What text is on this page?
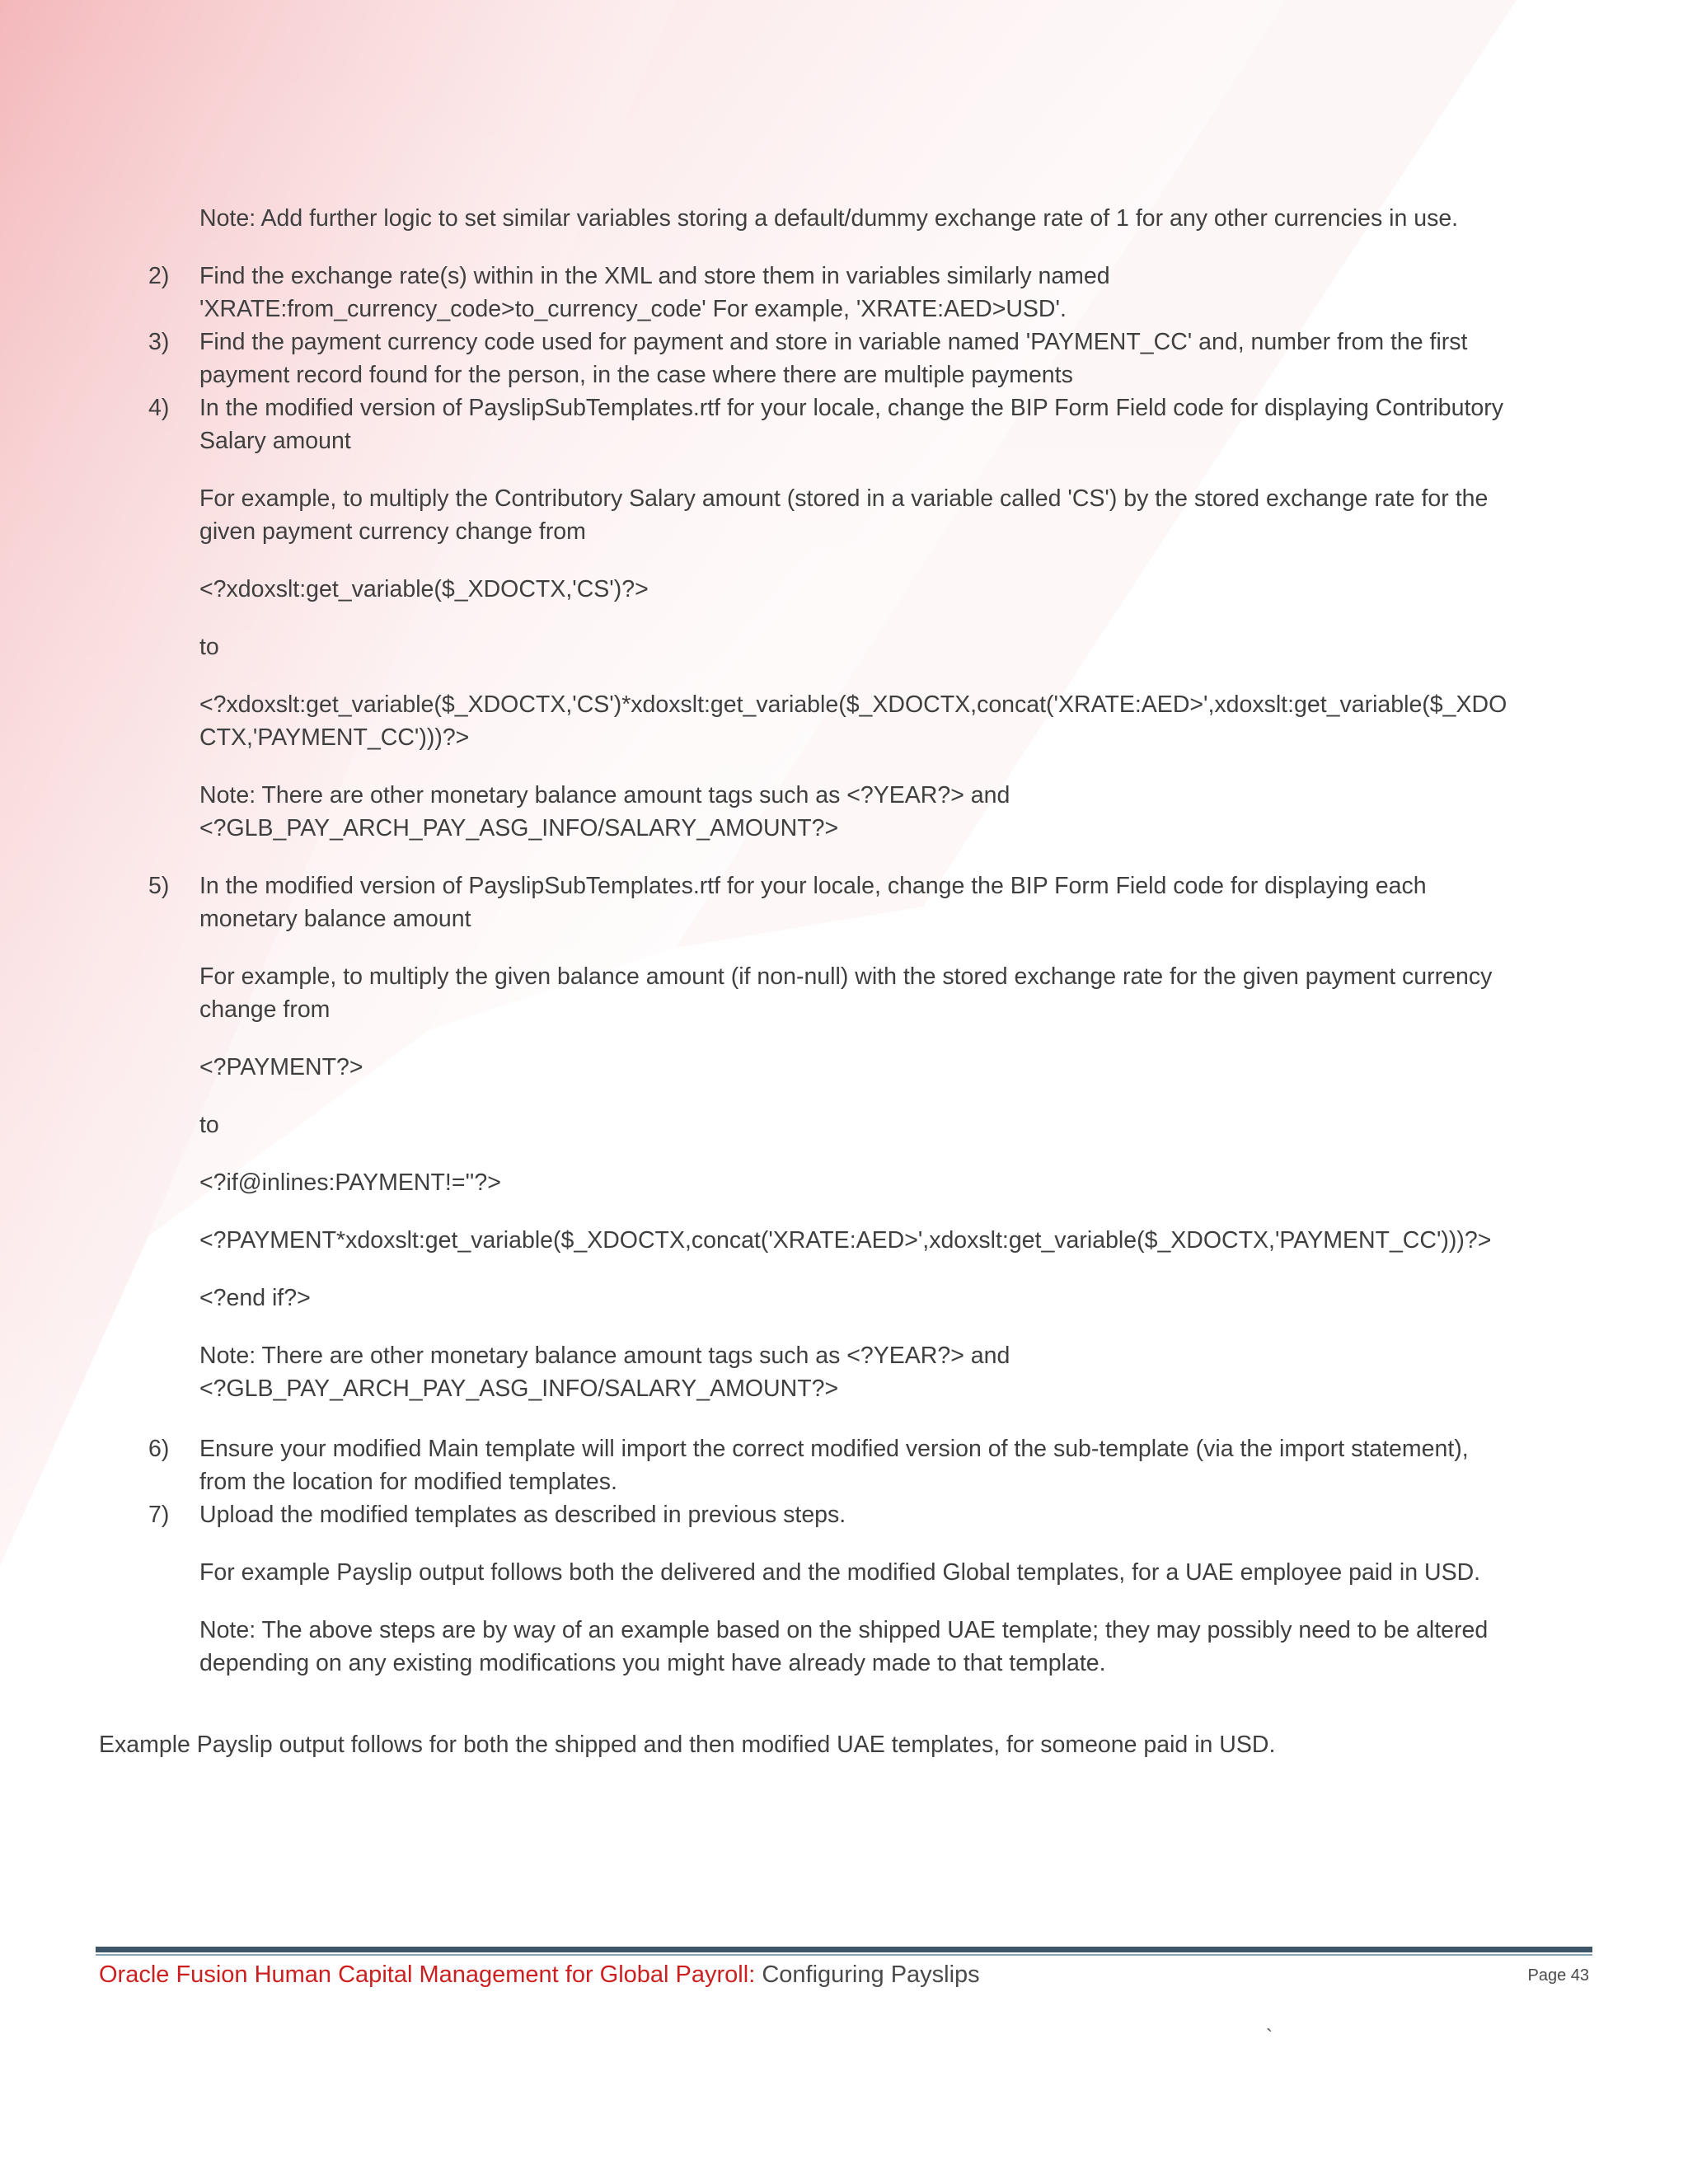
Note: Add further logic to set similar variables storing a default/dummy exchange rate of 1 for any other currencies in use.

2) Find the exchange rate(s) within in the XML and store them in variables similarly named

'XRATE:from_currency_code>to_currency_code' For example, 'XRATE:AED>USD'.

3) Find the payment currency code used for payment and store in variable named 'PAYMENT_CC' and, number from the first

payment record found for the person, in the case where there are multiple payments

4) In the modified version of PayslipSubTemplates.rtf for your locale, change the BIP Form Field code for displaying Contributory

Salary amount

For example, to multiply the Contributory Salary amount (stored in a variable called 'CS') by the stored exchange rate for the

given payment currency change from

<?xdoxslt:get_variable($_XDOCTX,'CS')?>

to

<?xdoxslt:get_variable($_XDOCTX,'CS')*xdoxslt:get_variable($_XDOCTX,concat('XRATE:AED>',xdoxslt:get_variable($_XDO

CTX,'PAYMENT_CC')))?>

Note: There are other monetary balance amount tags such as <?YEAR?> and

<?GLB_PAY_ARCH_PAY_ASG_INFO/SALARY_AMOUNT?>

5) In the modified version of PayslipSubTemplates.rtf for your locale, change the BIP Form Field code for displaying each

monetary balance amount

For example, to multiply the given balance amount (if non-null) with the stored exchange rate for the given payment currency

change from

<?PAYMENT?>

to

<?if@inlines:PAYMENT!=''?>

<?PAYMENT*xdoxslt:get_variable($_XDOCTX,concat('XRATE:AED>',xdoxslt:get_variable($_XDOCTX,'PAYMENT_CC')))?>

<?end if?>

Note: There are other monetary balance amount tags such as <?YEAR?> and

<?GLB_PAY_ARCH_PAY_ASG_INFO/SALARY_AMOUNT?>

6) Ensure your modified Main template will import the correct modified version of the sub-template (via the import statement),

from the location for modified templates.

7) Upload the modified templates as described in previous steps.

For example Payslip output follows both the delivered and the modified Global templates, for a UAE employee paid in USD.

Note: The above steps are by way of an example based on the shipped UAE template; they may possibly need to be altered

depending on any existing modifications you might have already made to that template.

Example Payslip output follows for both the shipped and then modified UAE templates, for someone paid in USD.

Oracle Fusion Human Capital Management for Global Payroll: Configuring Payslips	Page 43
`
